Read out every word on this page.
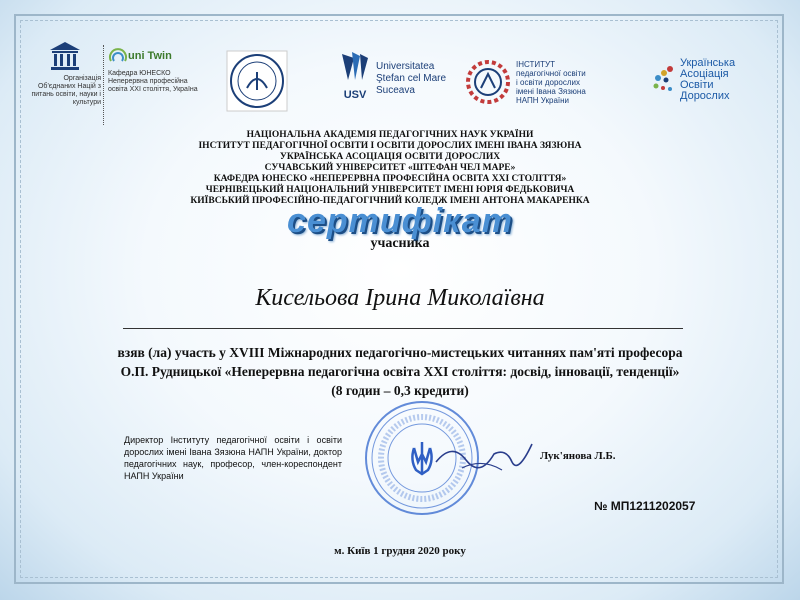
Організація Об'єднаних Націй з питань освіти, науки і культури
uni Twin
Кафедра ЮНЕСКО Неперервна професійна освіта XXI століття, Україна	USV
Universitatea
Ştefan cel Mare
Suceava
ІНСТИТУТ
педагогічної освіти
і освіти дорослих
імені Івана Зязюна
НАПН України
Українська
Асоціація
Освіти
Дорослих
НАЦІОНАЛЬНА АКАДЕМІЯ ПЕДАГОГІЧНИХ НАУК УКРАЇНИ
ІНСТИТУТ ПЕДАГОГІЧНОЇ ОСВІТИ І ОСВІТИ ДОРОСЛИХ ІМЕНІ ІВАНА ЗЯЗЮНА
УКРАЇНСЬКА АСОЦІАЦІЯ ОСВІТИ ДОРОСЛИХ
СУЧАВСЬКИЙ УНІВЕРСИТЕТ «ШТЕФАН ЧЕЛ МАРЕ»
КАФЕДРА ЮНЕСКО «НЕПЕРЕРВНА ПРОФЕСІЙНА ОСВІТА XXI СТОЛІТТЯ»
ЧЕРНІВЕЦЬКИЙ НАЦІОНАЛЬНИЙ УНІВЕРСИТЕТ ІМЕНІ ЮРІЯ ФЕДЬКОВИЧА
КИЇВСЬКИЙ ПРОФЕСІЙНО-ПЕДАГОГІЧНИЙ КОЛЕДЖ ІМЕНІ АНТОНА МАКАРЕНКА
сертифікат
учасника
Кисельова Ірина Миколаївна
взяв (ла) участь у XVIII Міжнародних педагогічно-мистецьких читаннях пам'яті професора
О.П. Рудницької «Неперервна педагогічна освіта XXI століття: досвід, інновації, тенденції»
(8 годин – 0,3 кредити)
Директор Інституту педагогічної освіти і освіти дорослих імені Івана Зязюна НАПН України, доктор педагогічних наук, професор, член-кореспондент НАПН України
Лук'янова Л.Б.
№ МП1211202057
м. Київ 1 грудня 2020 року
